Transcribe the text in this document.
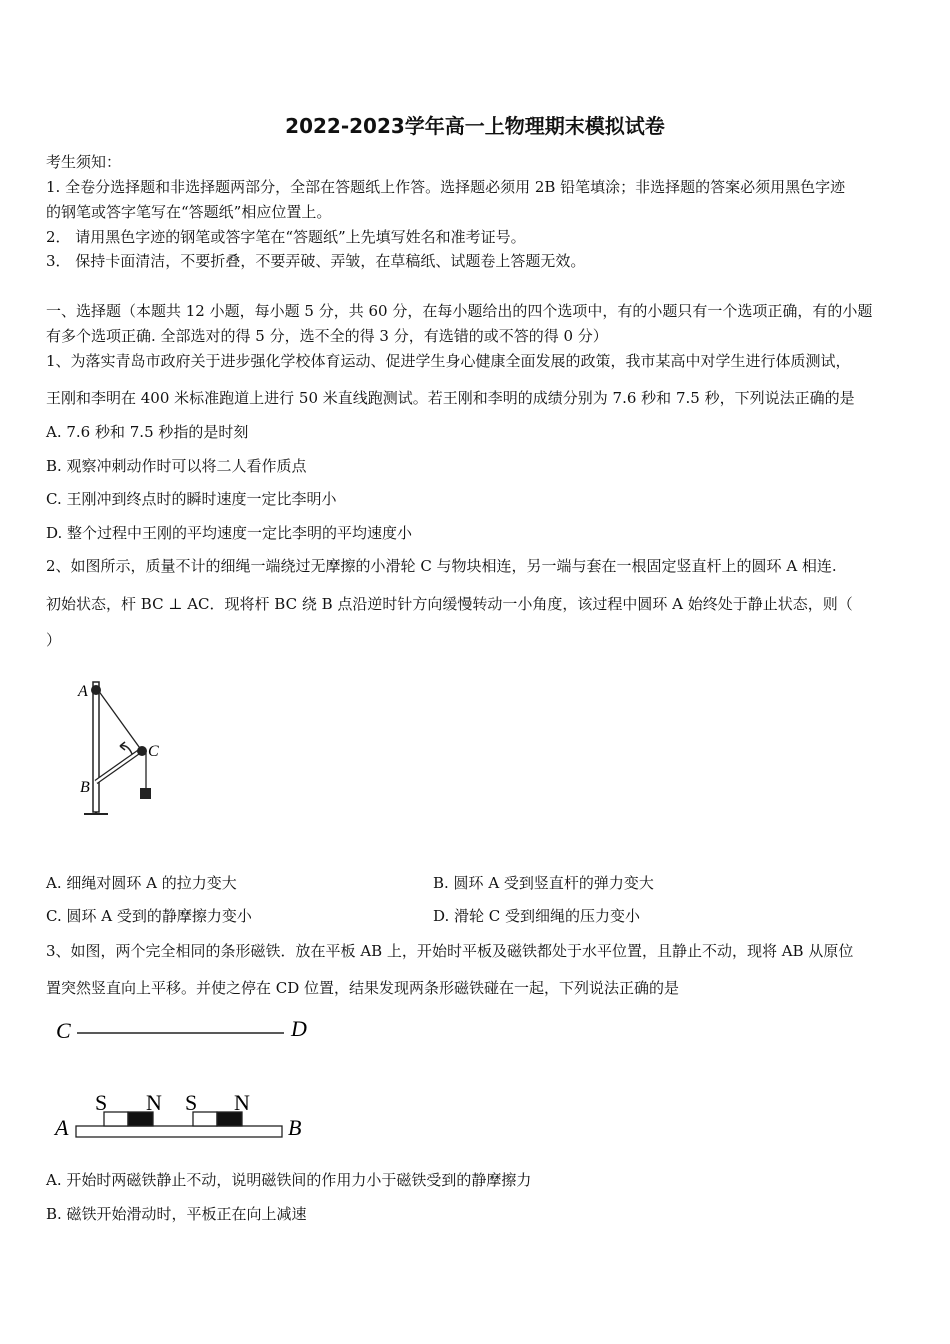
2022-2023学年高一上物理期末模拟试卷
考生须知：
1. 全卷分选择题和非选择题两部分，全部在答题纸上作答。选择题必须用 2B 铅笔填涂；非选择题的答案必须用黑色字迹
的钢笔或答字笔写在“答题纸”相应位置上。
2． 请用黑色字迹的钢笔或答字笔在“答题纸”上先填写姓名和准考证号。
3． 保持卡面清洁，不要折叠，不要弄破、弄皱，在草稿纸、试题卷上答题无效。
一、选择题（本题共 12 小题，每小题 5 分，共 60 分，在每小题给出的四个选项中，有的小题只有一个选项正确，有的小题
有多个选项正确. 全部选对的得 5 分，选不全的得 3 分，有选错的或不答的得 0 分）
1、为落实青岛市政府关于进步强化学校体育运动、促进学生身心健康全面发展的政策，我市某高中对学生进行体质测试，
王刚和李明在 400 米标准跑道上进行 50 米直线跑测试。若王刚和李明的成绩分别为 7.6 秒和 7.5 秒，下列说法正确的是
A. 7.6 秒和 7.5 秒指的是时刻
B. 观察冲刺动作时可以将二人看作质点
C. 王刚冲到终点时的瞬时速度一定比李明小
D. 整个过程中王刚的平均速度一定比李明的平均速度小
2、如图所示，质量不计的细绳一端绕过无摩擦的小滑轮 C 与物块相连，另一端与套在一根固定竖直杆上的圆环 A 相连.
初始状态，杆 BC ⊥ AC．现将杆 BC 绕 B 点沿逆时针方向缓慢转动一小角度，该过程中圆环 A 始终处于静止状态，则（
）
A
B
C
A. 细绳对圆环 A 的拉力变大	B. 圆环 A 受到竖直杆的弹力变大
C. 圆环 A 受到的静摩擦力变小	D. 滑轮 C 受到细绳的压力变小
3、如图，两个完全相同的条形磁铁．放在平板 AB 上，开始时平板及磁铁都处于水平位置，且静止不动，现将 AB 从原位
置突然竖直向上平移。并使之停在 CD 位置，结果发现两条形磁铁碰在一起，下列说法正确的是
C	D
A	B
S N S N
A. 开始时两磁铁静止不动，说明磁铁间的作用力小于磁铁受到的静摩擦力
B. 磁铁开始滑动时，平板正在向上减速
